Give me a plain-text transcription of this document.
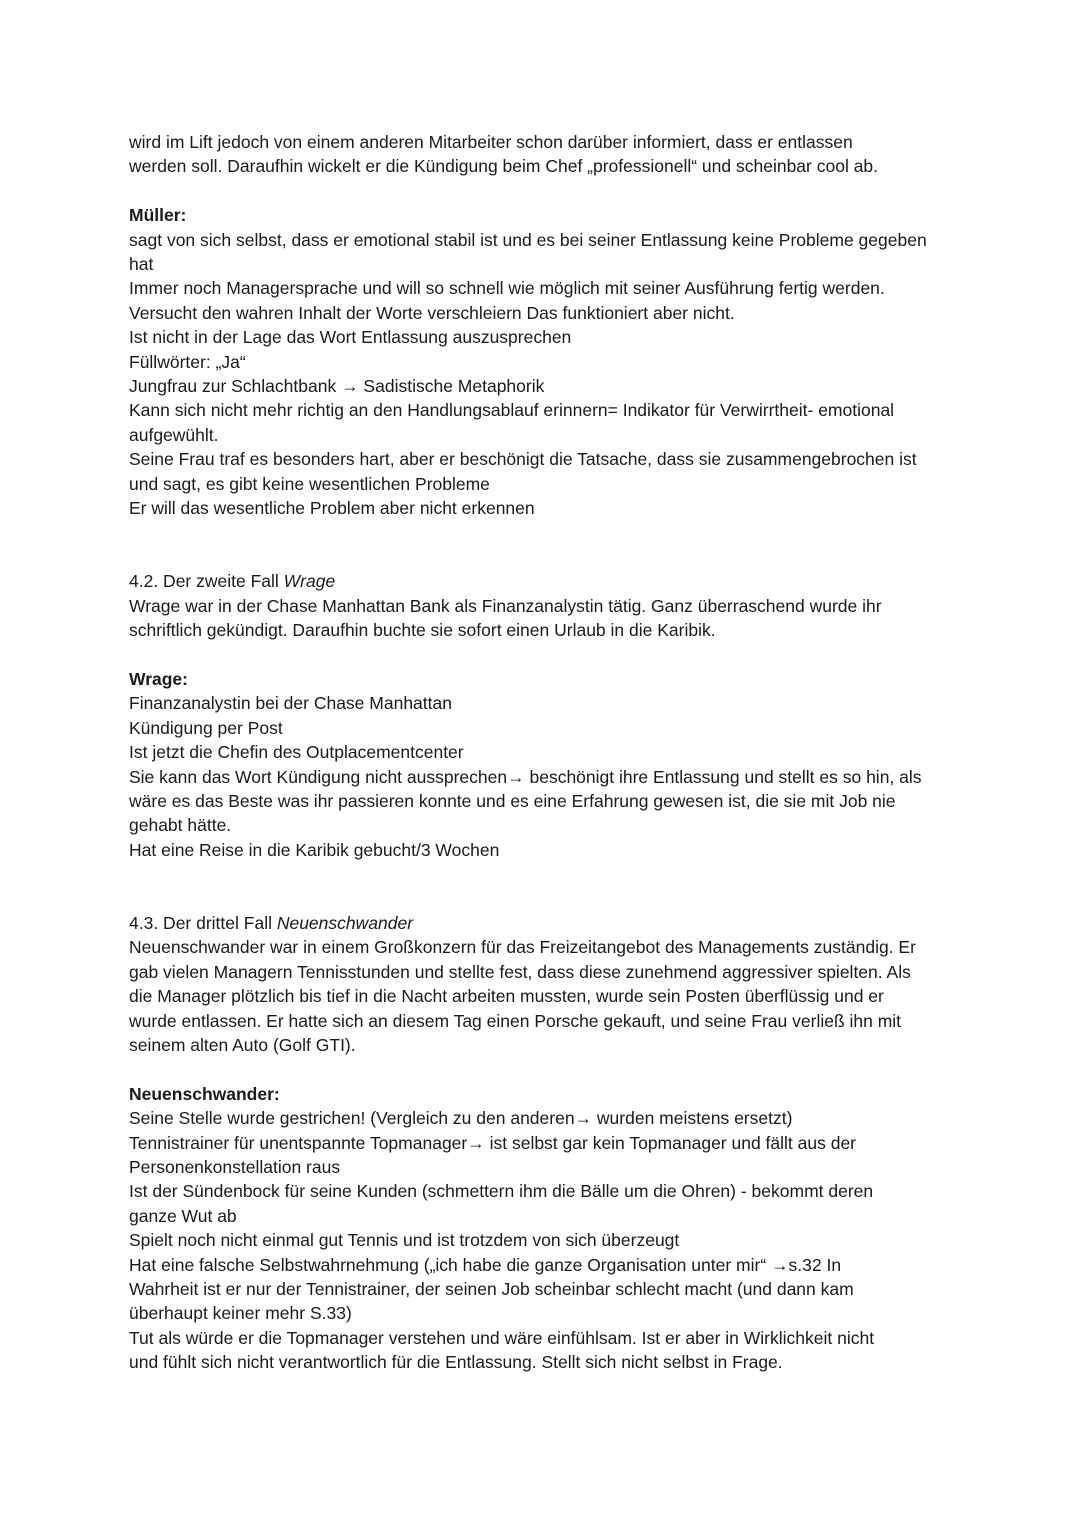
wird im Lift jedoch von einem anderen Mitarbeiter schon darüber informiert, dass er entlassen
werden soll. Daraufhin wickelt er die Kündigung beim Chef „professionell“ und scheinbar cool ab.
Müller:
sagt von sich selbst, dass er emotional stabil ist und es bei seiner Entlassung keine Probleme gegeben
hat
Immer noch Managersprache und will so schnell wie möglich mit seiner Ausführung fertig werden.
Versucht den wahren Inhalt der Worte verschleiern Das funktioniert aber nicht.
Ist nicht in der Lage das Wort Entlassung auszusprechen
Füllwörter: „Ja“
Jungfrau zur Schlachtbank → Sadistische Metaphorik
Kann sich nicht mehr richtig an den Handlungsablauf erinnern= Indikator für Verwirrtheit- emotional
aufgewühlt.
Seine Frau traf es besonders hart, aber er beschönigt die Tatsache, dass sie zusammengebrochen ist
und sagt, es gibt keine wesentlichen Probleme
Er will das wesentliche Problem aber nicht erkennen
4.2. Der zweite Fall Wrage
Wrage war in der Chase Manhattan Bank als Finanzanalystin tätig. Ganz überraschend wurde ihr
schriftlich gekündigt. Daraufhin buchte sie sofort einen Urlaub in die Karibik.
Wrage:
Finanzanalystin bei der Chase Manhattan
Kündigung per Post
Ist jetzt die Chefin des Outplacementcenter
Sie kann das Wort Kündigung nicht aussprechen→ beschönigt ihre Entlassung und stellt es so hin, als
wäre es das Beste was ihr passieren konnte und es eine Erfahrung gewesen ist, die sie mit Job nie
gehabt hätte.
Hat eine Reise in die Karibik gebucht/3 Wochen
4.3. Der drittel Fall Neuenschwander
Neuenschwander war in einem Großkonzern für das Freizeitangebot des Managements zuständig. Er
gab vielen Managern Tennisstunden und stellte fest, dass diese zunehmend aggressiver spielten. Als
die Manager plötzlich bis tief in die Nacht arbeiten mussten, wurde sein Posten überflüssig und er
wurde entlassen. Er hatte sich an diesem Tag einen Porsche gekauft, und seine Frau verließ ihn mit
seinem alten Auto (Golf GTI).
Neuenschwander:
Seine Stelle wurde gestrichen! (Vergleich zu den anderen→ wurden meistens ersetzt)
Tennistrainer für unentspannte Topmanager→ ist selbst gar kein Topmanager und fällt aus der
Personenkonstellation raus
Ist der Sündenbock für seine Kunden (schmettern ihm die Bälle um die Ohren) - bekommt deren
ganze Wut ab
Spielt noch nicht einmal gut Tennis und ist trotzdem von sich überzeugt
Hat eine falsche Selbstwahrnehmung („ich habe die ganze Organisation unter mir“ →s.32 In
Wahrheit ist er nur der Tennistrainer, der seinen Job scheinbar schlecht macht (und dann kam
überhaupt keiner mehr S.33)
Tut als würde er die Topmanager verstehen und wäre einfühlsam. Ist er aber in Wirklichkeit nicht
und fühlt sich nicht verantwortlich für die Entlassung. Stellt sich nicht selbst in Frage.
